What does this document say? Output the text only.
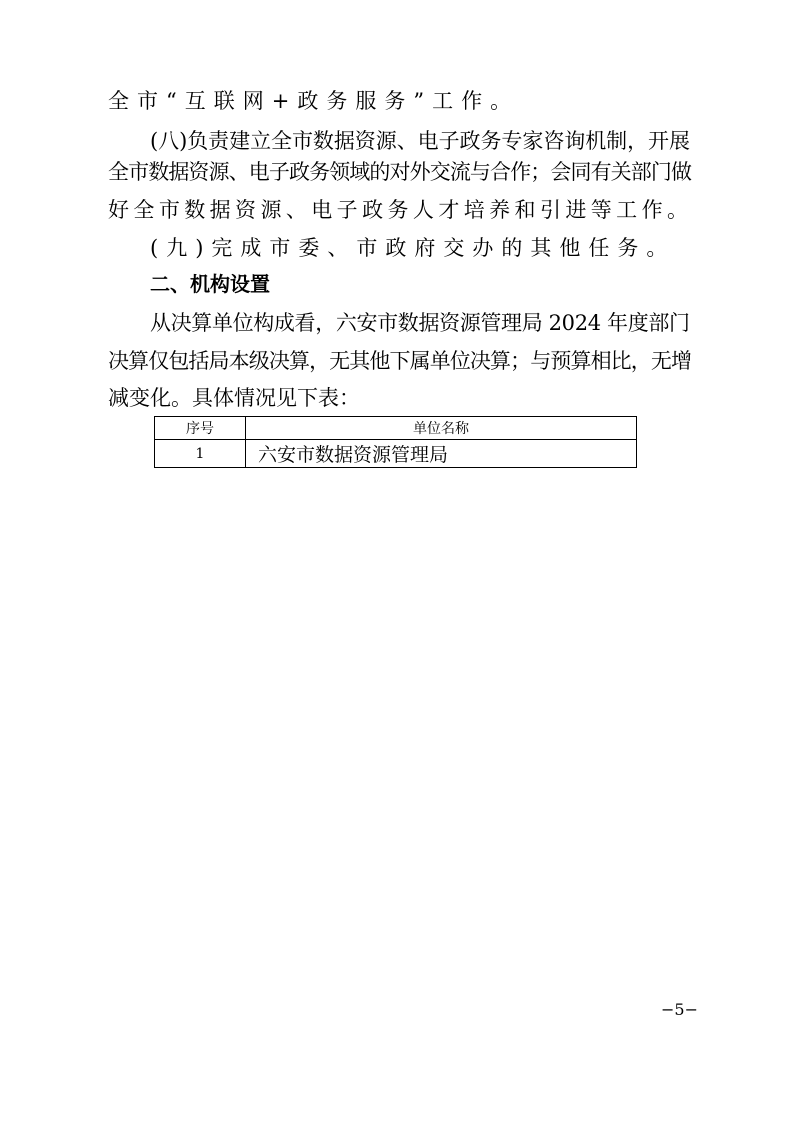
全市“互联网+政务服务”工作。
(八)负责建立全市数据资源、电子政务专家咨询机制，开展
全市数据资源、电子政务领域的对外交流与合作；会同有关部门做
好全市数据资源、电子政务人才培养和引进等工作。
(九)完成市委、市政府交办的其他任务。
二、机构设置
从决算单位构成看，六安市数据资源管理局 2024 年度部门
决算仅包括局本级决算，无其他下属单位决算；与预算相比，无增
减变化。具体情况见下表：
序号	单位名称
1	六安市数据资源管理局
−5−
